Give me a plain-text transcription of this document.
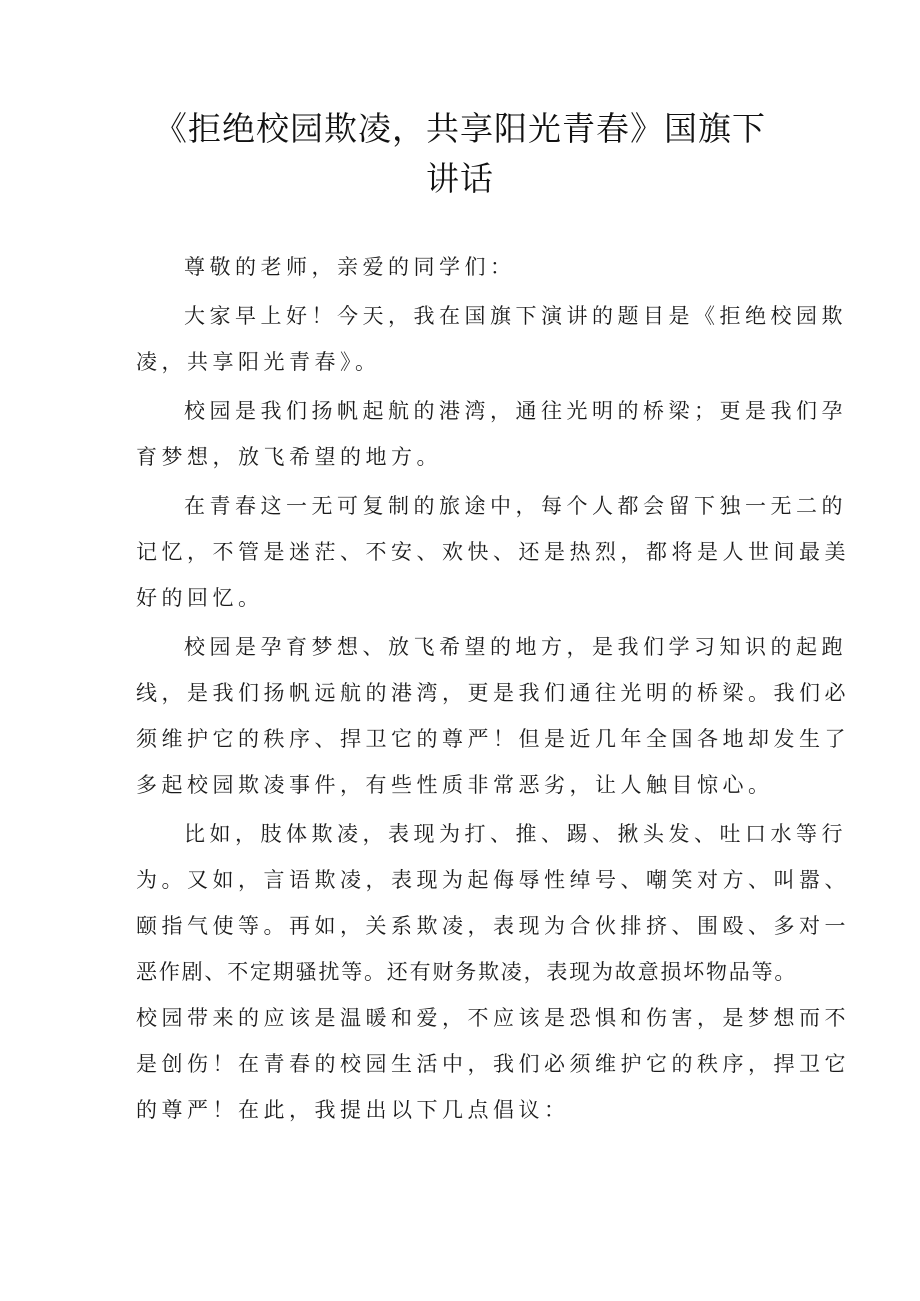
《拒绝校园欺凌，共享阳光青春》国旗下
讲话

尊敬的老师，亲爱的同学们：

大家早上好！今天，我在国旗下演讲的题目是《拒绝校园欺
凌，共享阳光青春》。

校园是我们扬帆起航的港湾，通往光明的桥梁；更是我们孕
育梦想，放飞希望的地方。

在青春这一无可复制的旅途中，每个人都会留下独一无二的
记忆，不管是迷茫、不安、欢快、还是热烈，都将是人世间最美
好的回忆。

校园是孕育梦想、放飞希望的地方，是我们学习知识的起跑
线，是我们扬帆远航的港湾，更是我们通往光明的桥梁。我们必
须维护它的秩序、捍卫它的尊严！但是近几年全国各地却发生了
多起校园欺凌事件，有些性质非常恶劣，让人触目惊心。

比如，肢体欺凌，表现为打、推、踢、揪头发、吐口水等行
为。又如，言语欺凌，表现为起侮辱性绰号、嘲笑对方、叫嚣、
颐指气使等。再如，关系欺凌，表现为合伙排挤、围殴、多对一
恶作剧、不定期骚扰等。还有财务欺凌，表现为故意损坏物品等。
校园带来的应该是温暖和爱，不应该是恐惧和伤害，是梦想而不
是创伤！在青春的校园生活中，我们必须维护它的秩序，捍卫它
的尊严！在此，我提出以下几点倡议：
